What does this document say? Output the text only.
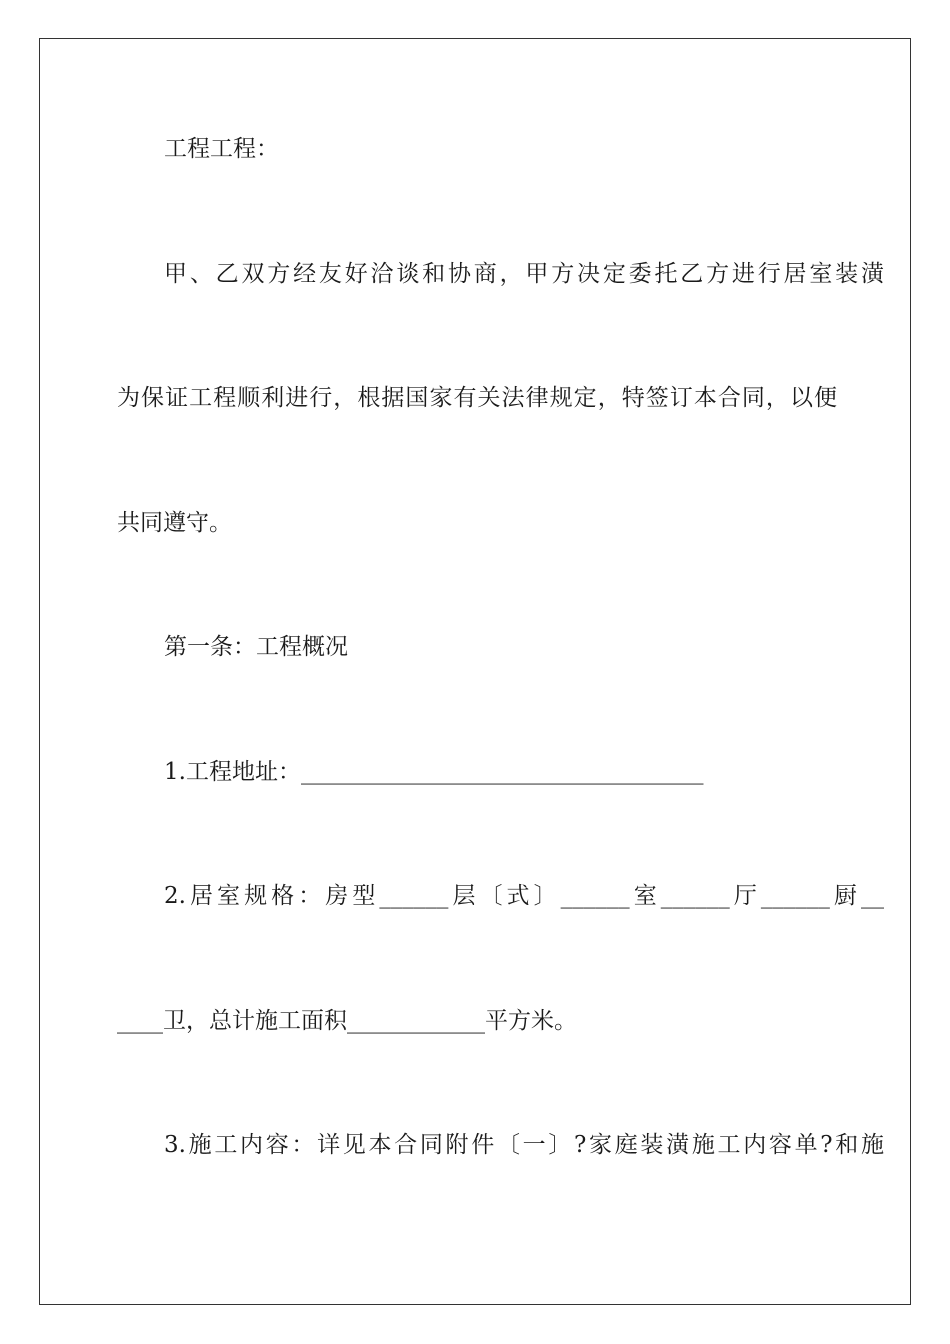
工程工程：
甲、乙双方经友好洽谈和协商，甲方决定委托乙方进行居室装潢
为保证工程顺利进行，根据国家有关法律规定，特签订本合同，以便
共同遵守。
第一条：工程概况
1.工程地址：___________________________________
2.居室规格：房型______层〔式〕______室______厅______厨__
____卫，总计施工面积____________平方米。
3.施工内容：详见本合同附件〔一〕?家庭装潢施工内容单?和施
